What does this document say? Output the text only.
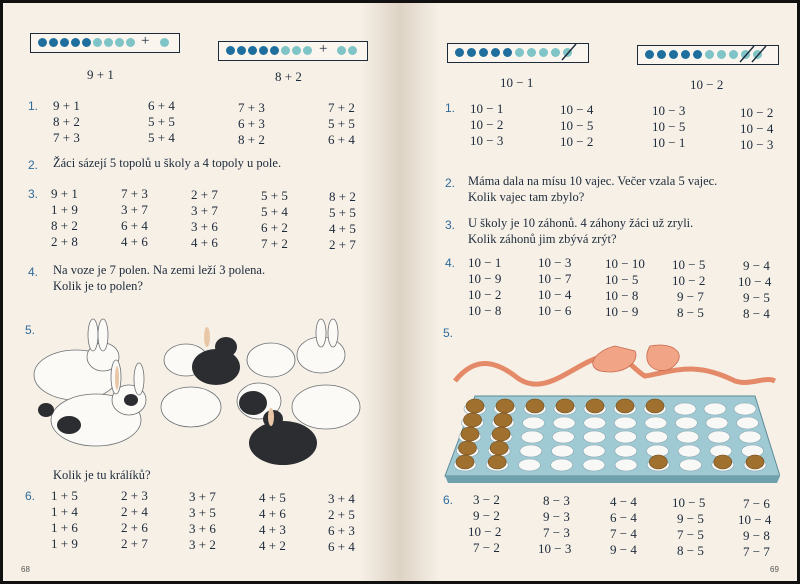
+
9 + 1
+
8 + 2
1. 9 + 1
8 + 2
7 + 3
6 + 4
5 + 5
5 + 4
7 + 3
6 + 3
8 + 2
7 + 2
5 + 5
6 + 4
2. Žáci sázejí 5 topolů u školy a 4 topoly u pole.
3. 9 + 1
1 + 9
8 + 2
2 + 8
7 + 3
3 + 7
6 + 4
4 + 6
2 + 7
3 + 7
3 + 6
4 + 6
5 + 5
5 + 4
6 + 2
7 + 2
8 + 2
5 + 5
4 + 5
2 + 7
4. Na voze je 7 polen. Na zemi leží 3 polena.
Kolik je to polen?
5.
Kolik je tu králíků?
6. 1 + 5
1 + 4
1 + 6
1 + 9
2 + 3
2 + 4
2 + 6
2 + 7
3 + 7
3 + 5
3 + 6
3 + 2
4 + 5
4 + 6
4 + 3
4 + 2
3 + 4
2 + 5
6 + 3
6 + 4
68
10 − 1	10 − 2
1. 10 − 1
10 − 2
10 − 3
10 − 4
10 − 5
10 − 2
10 − 3
10 − 5
10 − 1
10 − 2
10 − 4
10 − 3
2. Máma dala na mísu 10 vajec. Večer vzala 5 vajec.
Kolik vajec tam zbylo?
3. U školy je 10 záhonů. 4 záhony žáci už zryli.
Kolik záhonů jim zbývá zrýt?
4. 10 − 1
10 − 9
10 − 2
10 − 8
10 − 3
10 − 7
10 − 4
10 − 6
10 − 10
10 − 5
10 − 8
10 − 9
10 − 5
10 − 2
9 − 7
8 − 5
9 − 4
10 − 4
9 − 5
8 − 4
5.
6. 3 − 2
9 − 2
10 − 2
7 − 2
8 − 3
9 − 3
7 − 3
10 − 3
4 − 4
6 − 4
7 − 4
9 − 4
10 − 5
9 − 5
7 − 5
8 − 5
7 − 6
10 − 4
9 − 8
7 − 7
69
